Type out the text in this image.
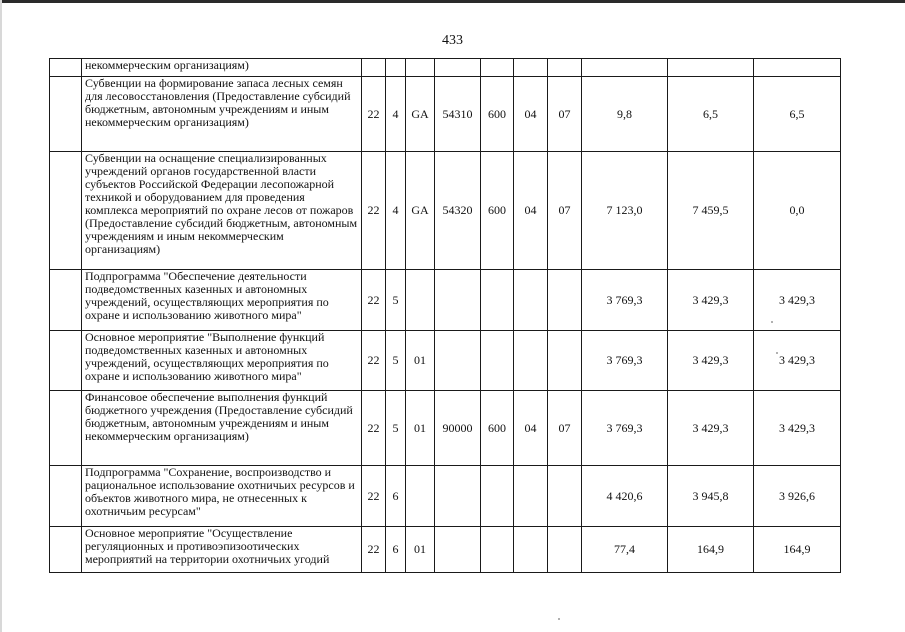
433
	некоммерческим организациям)										
	Субвенции на формирование запаса лесных семян для лесовосстановления (Предоставление субсидий бюджетным, автономным учреждениям и иным некоммерческим организациям)	22	4	GA	54310	600	04	07	9,8	6,5	6,5
	Субвенции на оснащение специализированных учреждений органов государственной власти субъектов Российской Федерации лесопожарной техникой и оборудованием для проведения комплекса мероприятий по охране лесов от пожаров (Предоставление субсидий бюджетным, автономным учреждениям и иным некоммерческим организациям)	22	4	GA	54320	600	04	07	7 123,0	7 459,5	0,0
	Подпрограмма "Обеспечение деятельности подведомственных казенных и автономных учреждений, осуществляющих мероприятия по охране и использованию животного мира"	22	5						3 769,3	3 429,3	3 429,3
	Основное мероприятие "Выполнение функций подведомственных казенных и автономных учреждений, осуществляющих мероприятия по охране и использованию животного мира"	22	5	01					3 769,3	3 429,3	3 429,3
	Финансовое обеспечение выполнения функций бюджетного учреждения (Предоставление субсидий бюджетным, автономным учреждениям и иным некоммерческим организациям)	22	5	01	90000	600	04	07	3 769,3	3 429,3	3 429,3
	Подпрограмма "Сохранение, воспроизводство и рациональное использование охотничьих ресурсов и объектов животного мира, не отнесенных к охотничьим ресурсам"	22	6						4 420,6	3 945,8	3 926,6
	Основное мероприятие "Осуществление регуляционных и противоэпизоотических мероприятий на территории охотничьих угодий	22	6	01					77,4	164,9	164,9
